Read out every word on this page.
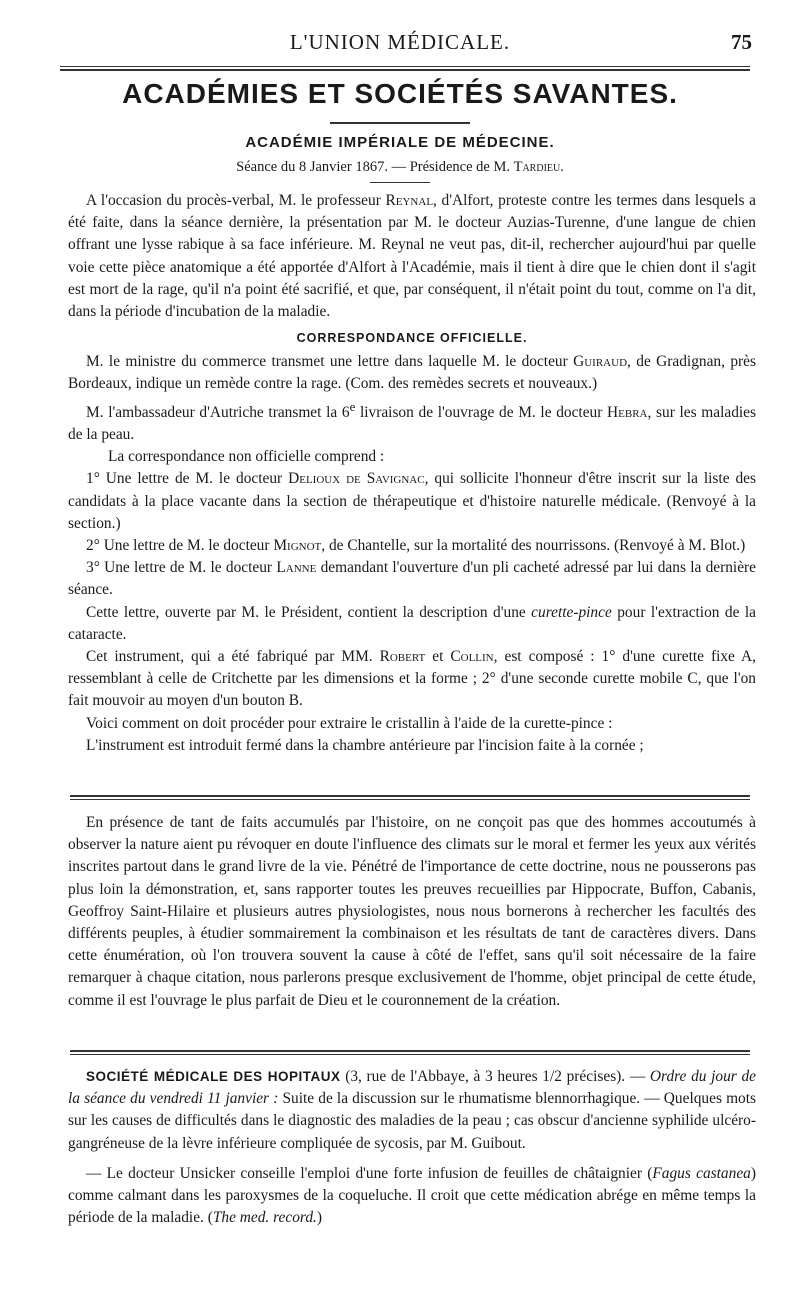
L'UNION MÉDICALE.	75
ACADÉMIES ET SOCIÉTÉS SAVANTES.
ACADÉMIE IMPÉRIALE DE MÉDECINE.
Séance du 8 Janvier 1867. — Présidence de M. Tardieu.

A l'occasion du procès-verbal, M. le professeur Reynal, d'Alfort, proteste contre les termes dans lesquels a été faite, dans la séance dernière, la présentation par M. le docteur Auzias-Turenne, d'une langue de chien offrant une lysse rabique à sa face inférieure. M. Reynal ne veut pas, dit-il, rechercher aujourd'hui par quelle voie cette pièce anatomique a été apportée d'Alfort à l'Académie, mais il tient à dire que le chien dont il s'agit est mort de la rage, qu'il n'a point été sacrifié, et que, par conséquent, il n'était point du tout, comme on l'a dit, dans la période d'incubation de la maladie.

CORRESPONDANCE OFFICIELLE.

M. le ministre du commerce transmet une lettre dans laquelle M. le docteur Guiraud, de Gradignan, près Bordeaux, indique un remède contre la rage. (Com. des remèdes secrets et nouveaux.)

M. l'ambassadeur d'Autriche transmet la 6e livraison de l'ouvrage de M. le docteur Hebra, sur les maladies de la peau.

La correspondance non officielle comprend :

1° Une lettre de M. le docteur Delioux de Savignac, qui sollicite l'honneur d'être inscrit sur la liste des candidats à la place vacante dans la section de thérapeutique et d'histoire naturelle médicale. (Renvoyé à la section.)

2° Une lettre de M. le docteur Mignot, de Chantelle, sur la mortalité des nourrissons. (Renvoyé à M. Blot.)

3° Une lettre de M. le docteur Lanne demandant l'ouverture d'un pli cacheté adressé par lui dans la dernière séance.

Cette lettre, ouverte par M. le Président, contient la description d'une curette-pince pour l'extraction de la cataracte.

Cet instrument, qui a été fabriqué par MM. Robert et Collin, est composé : 1° d'une curette fixe A, ressemblant à celle de Critchette par les dimensions et la forme ; 2° d'une seconde curette mobile C, que l'on fait mouvoir au moyen d'un bouton B.

Voici comment on doit procéder pour extraire le cristallin à l'aide de la curette-pince :

L'instrument est introduit fermé dans la chambre antérieure par l'incision faite à la cornée ;

En présence de tant de faits accumulés par l'histoire, on ne conçoit pas que des hommes accoutumés à observer la nature aient pu révoquer en doute l'influence des climats sur le moral et fermer les yeux aux vérités inscrites partout dans le grand livre de la vie. Pénétré de l'importance de cette doctrine, nous ne pousserons pas plus loin la démonstration, et, sans rapporter toutes les preuves recueillies par Hippocrate, Buffon, Cabanis, Geoffroy Saint-Hilaire et plusieurs autres physiologistes, nous nous bornerons à rechercher les facultés des différents peuples, à étudier sommairement la combinaison et les résultats de tant de caractères divers. Dans cette énumération, où l'on trouvera souvent la cause à côté de l'effet, sans qu'il soit nécessaire de la faire remarquer à chaque citation, nous parlerons presque exclusivement de l'homme, objet principal de cette étude, comme il est l'ouvrage le plus parfait de Dieu et le couronnement de la création.

SOCIÉTÉ MÉDICALE DES HOPITAUX (3, rue de l'Abbaye, à 3 heures 1/2 précises). — Ordre du jour de la séance du vendredi 11 janvier : Suite de la discussion sur le rhumatisme blennorrhagique. — Quelques mots sur les causes de difficultés dans le diagnostic des maladies de la peau ; cas obscur d'ancienne syphilide ulcéro-gangréneuse de la lèvre inférieure compliquée de sycosis, par M. Guibout.

— Le docteur Unsicker conseille l'emploi d'une forte infusion de feuilles de châtaignier (Fagus castanea) comme calmant dans les paroxysmes de la coqueluche. Il croit que cette médication abrége en même temps la période de la maladie. (The med. record.)
